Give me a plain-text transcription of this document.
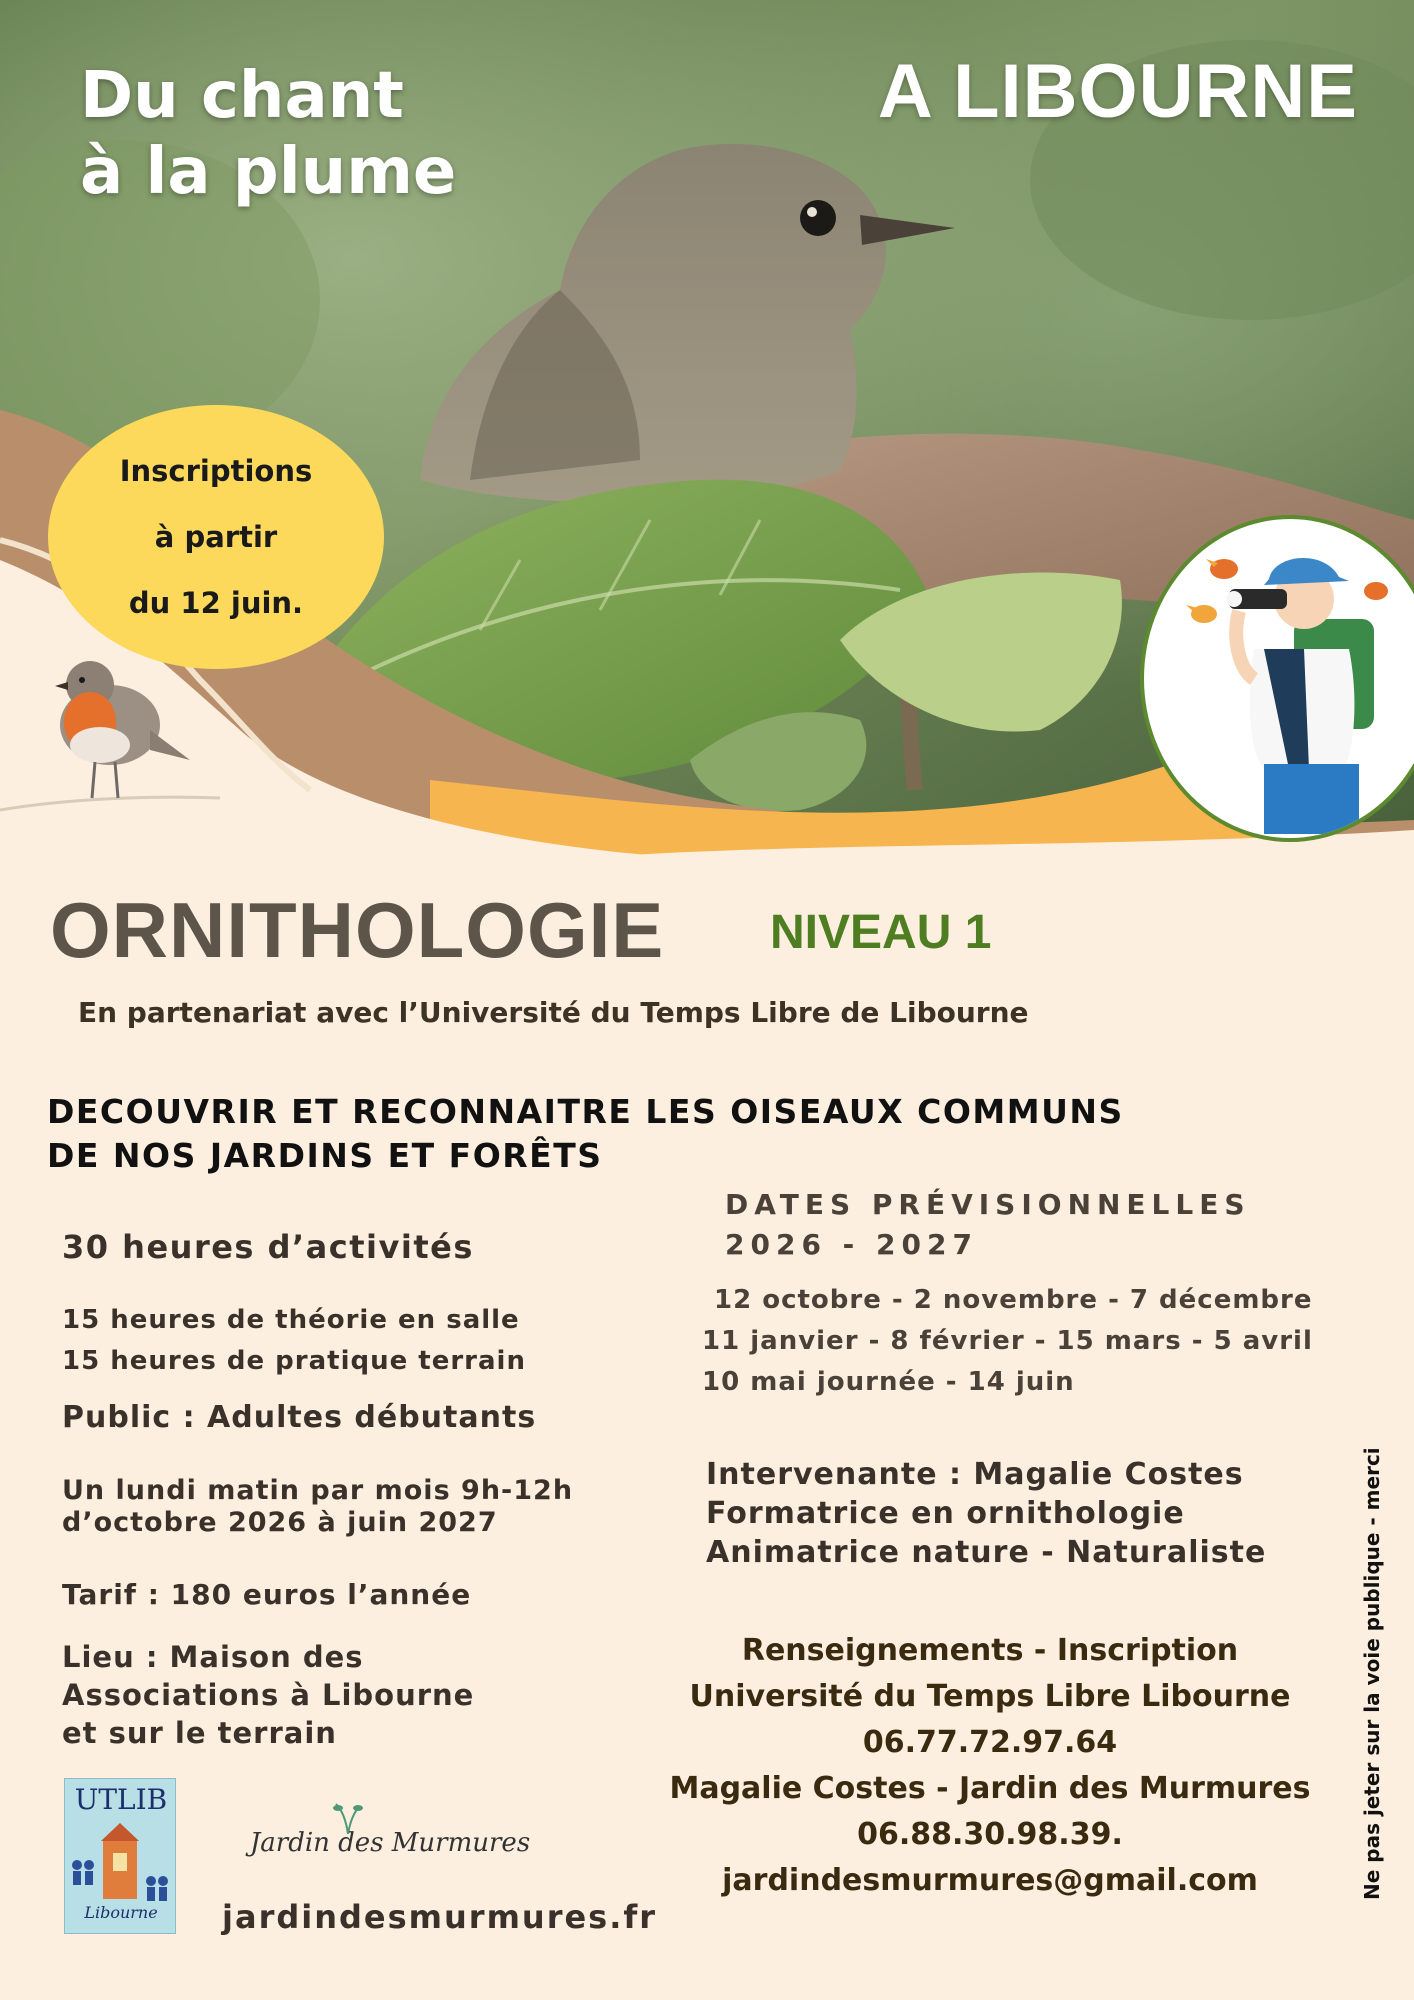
Du chant
à la plume
A LIBOURNE
Inscriptions
à partir
du 12 juin.
ORNITHOLOGIE NIVEAU 1
En partenariat avec l’Université du Temps Libre de Libourne
DECOUVRIR ET RECONNAITRE LES OISEAUX COMMUNS
DE NOS JARDINS ET FORÊTS
30 heures d’activités
15 heures de théorie en salle
15 heures de pratique terrain
Public : Adultes débutants
Un lundi matin par mois 9h-12h
d’octobre 2026 à juin 2027
Tarif : 180 euros l’année
Lieu : Maison des
Associations à Libourne
et sur le terrain
DATES PRÉVISIONNELLES
2026 - 2027
12 octobre - 2 novembre - 7 décembre
11 janvier - 8 février - 15 mars - 5 avril
10 mai journée - 14 juin
Intervenante : Magalie Costes
Formatrice en ornithologie
Animatrice nature - Naturaliste
Renseignements - Inscription
Université du Temps Libre Libourne
06.77.72.97.64
Magalie Costes - Jardin des Murmures
06.88.30.98.39.
jardindesmurmures@gmail.com	Ne pas jeter sur la voie publique - merci
UTLIB
Libourne
Jardin des Murmures
jardindesmurmures.fr
